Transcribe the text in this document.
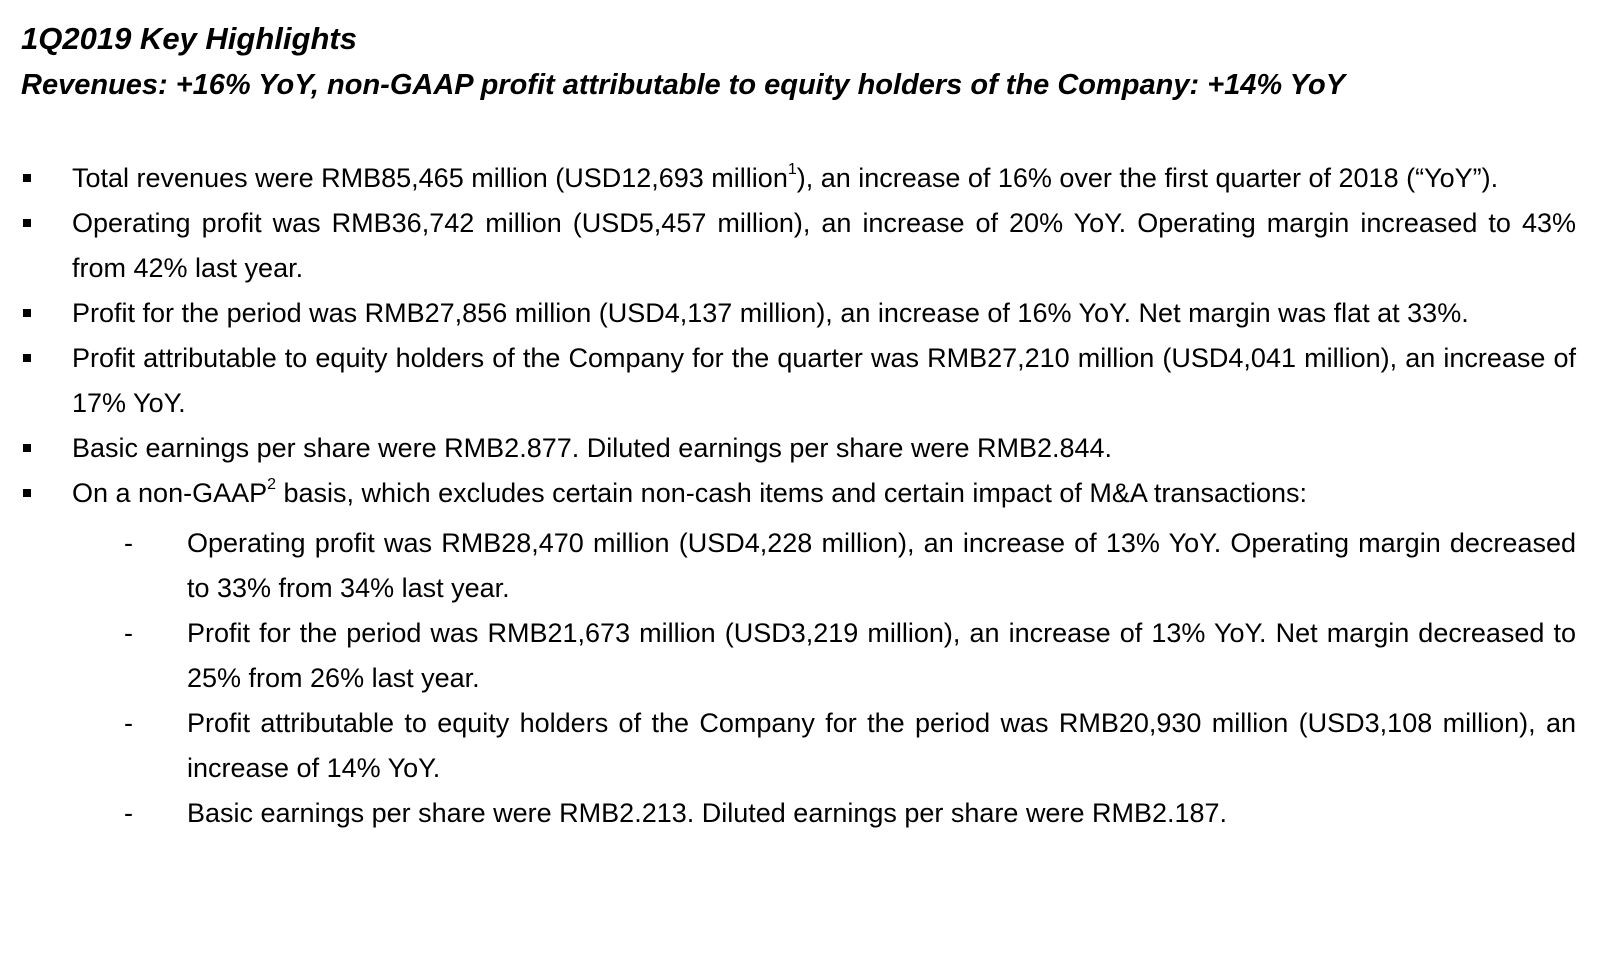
1Q2019 Key Highlights
Revenues: +16% YoY, non-GAAP profit attributable to equity holders of the Company: +14% YoY
Total revenues were RMB85,465 million (USD12,693 million$^1$), an increase of 16% over the first quarter of 2018 (“YoY”).
Operating profit was RMB36,742 million (USD5,457 million), an increase of 20% YoY. Operating margin increased to 43% from 42% last year.
Profit for the period was RMB27,856 million (USD4,137 million), an increase of 16% YoY. Net margin was flat at 33%.
Profit attributable to equity holders of the Company for the quarter was RMB27,210 million (USD4,041 million), an increase of 17% YoY.
Basic earnings per share were RMB2.877. Diluted earnings per share were RMB2.844.
On a non-GAAP$^2$ basis, which excludes certain non-cash items and certain impact of M&A transactions:
- Operating profit was RMB28,470 million (USD4,228 million), an increase of 13% YoY. Operating margin decreased to 33% from 34% last year.
- Profit for the period was RMB21,673 million (USD3,219 million), an increase of 13% YoY. Net margin decreased to 25% from 26% last year.
- Profit attributable to equity holders of the Company for the period was RMB20,930 million (USD3,108 million), an increase of 14% YoY.
- Basic earnings per share were RMB2.213. Diluted earnings per share were RMB2.187.
